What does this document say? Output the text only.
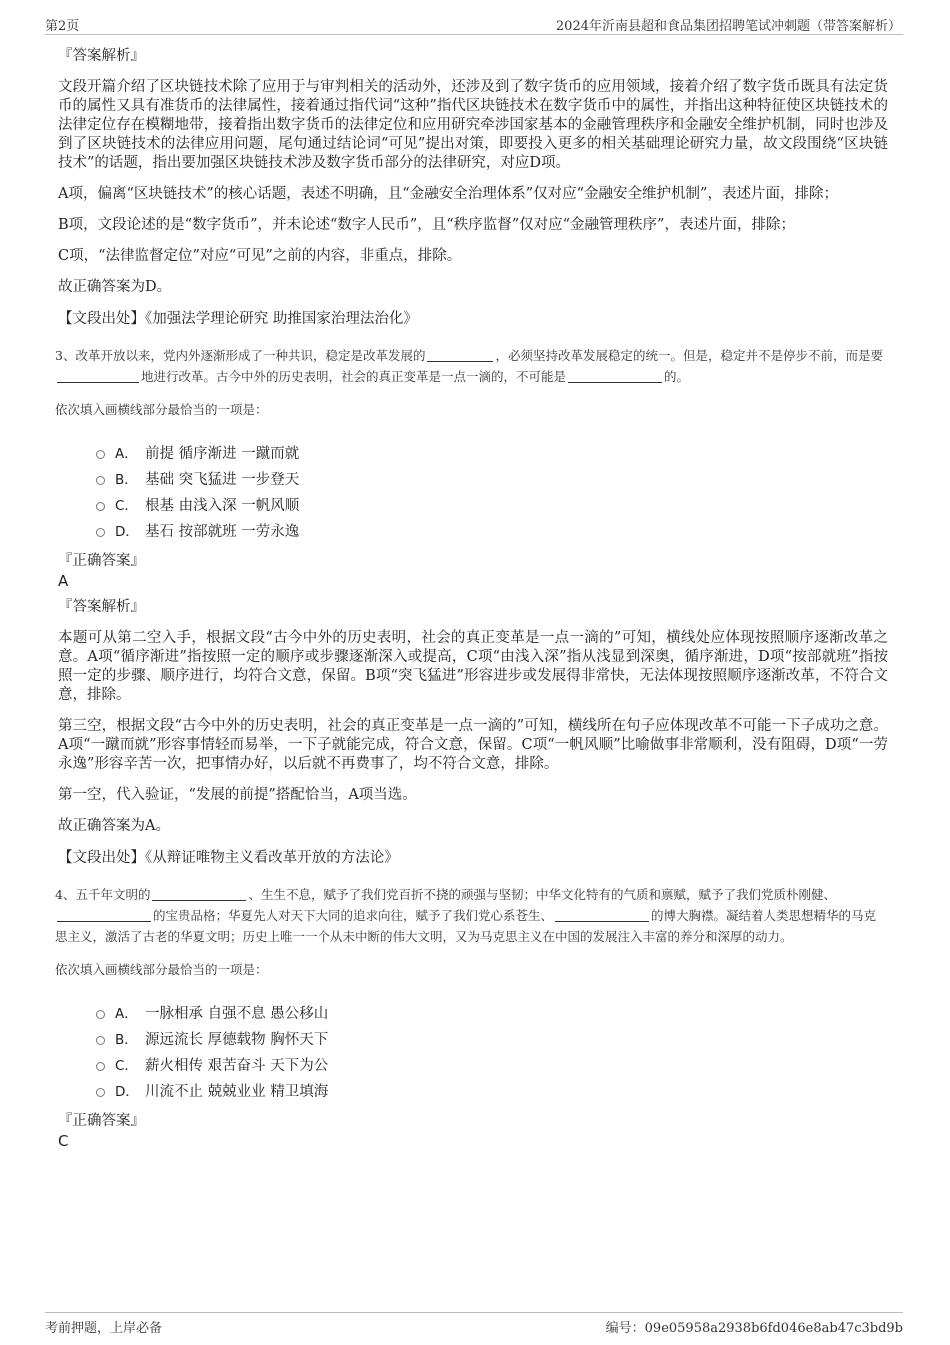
第2页	2024年沂南县超和食品集团招聘笔试冲刺题（带答案解析）
『答案解析』

文段开篇介绍了区块链技术除了应用于与审判相关的活动外，还涉及到了数字货币的应用领域，接着介绍了数字货币既具有法定货币的属性又具有准货币的法律属性，接着通过指代词“这种”指代区块链技术在数字货币中的属性，并指出这种特征使区块链技术的法律定位存在模糊地带，接着指出数字货币的法律定位和应用研究牵涉国家基本的金融管理秩序和金融安全维护机制，同时也涉及到了区块链技术的法律应用问题，尾句通过结论词“可见”提出对策，即要投入更多的相关基础理论研究力量，故文段围绕“区块链技术”的话题，指出要加强区块链技术涉及数字货币部分的法律研究，对应D项。

A项，偏离“区块链技术”的核心话题，表述不明确，且“金融安全治理体系”仅对应“金融安全维护机制”，表述片面，排除；

B项，文段论述的是“数字货币”，并未论述“数字人民币”，且“秩序监督”仅对应“金融管理秩序”，表述片面，排除；

C项，“法律监督定位”对应“可见”之前的内容，非重点，排除。

故正确答案为D。

【文段出处】《加强法学理论研究 助推国家治理法治化》
3、改革开放以来，党内外逐渐形成了一种共识，稳定是改革发展的	，必须坚持改革发展稳定的统一。但是，稳定并不是停步不前，而是要地进行改革。古今中外的历史表明，社会的真正变革是一点一滴的，不可能是	的。
依次填入画横线部分最恰当的一项是：
A． 前提 循序渐进 一蹴而就
B． 基础 突飞猛进 一步登天
C． 根基 由浅入深 一帆风顺
D． 基石 按部就班 一劳永逸
『正确答案』
A
『答案解析』

本题可从第二空入手，根据文段“古今中外的历史表明，社会的真正变革是一点一滴的”可知，横线处应体现按照顺序逐渐改革之意。A项“循序渐进”指按照一定的顺序或步骤逐渐深入或提高，C项“由浅入深”指从浅显到深奥，循序渐进，D项“按部就班”指按照一定的步骤、顺序进行，均符合文意，保留。B项“突飞猛进”形容进步或发展得非常快，无法体现按照顺序逐渐改革，不符合文意，排除。

第三空，根据文段“古今中外的历史表明，社会的真正变革是一点一滴的”可知，横线所在句子应体现改革不可能一下子成功之意。A项“一蹴而就”形容事情轻而易举，一下子就能完成，符合文意，保留。C项“一帆风顺”比喻做事非常顺利，没有阻碍，D项“一劳永逸”形容辛苦一次，把事情办好，以后就不再费事了，均不符合文意，排除。

第一空，代入验证，“发展的前提”搭配恰当，A项当选。

故正确答案为A。

【文段出处】《从辩证唯物主义看改革开放的方法论》
4、五千年文明的	、生生不息，赋予了我们党百折不挠的顽强与坚韧；中华文化特有的气质和禀赋，赋予了我们党质朴刚健、的宝贵品格；华夏先人对天下大同的追求向往，赋予了我们党心系苍生、	的博大胸襟。凝结着人类思想精华的马克思主义，激活了古老的华夏文明；历史上唯一一个从未中断的伟大文明，又为马克思主义在中国的发展注入丰富的养分和深厚的动力。
依次填入画横线部分最恰当的一项是：
A． 一脉相承 自强不息 愚公移山
B． 源远流长 厚德载物 胸怀天下
C． 薪火相传 艰苦奋斗 天下为公
D． 川流不止 兢兢业业 精卫填海
『正确答案』
C
考前押题，上岸必备	编号：09e05958a2938b6fd046e8ab47c3bd9b
